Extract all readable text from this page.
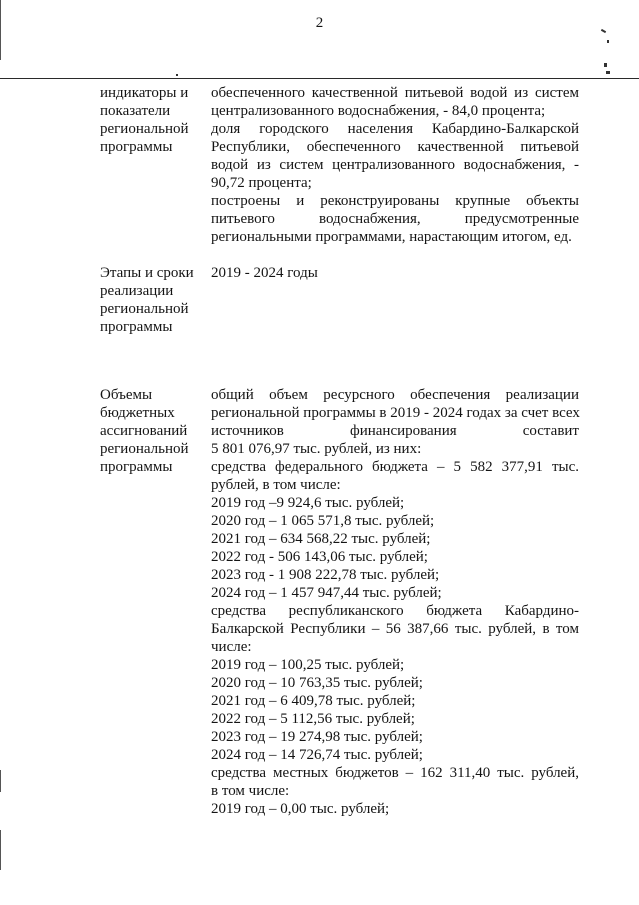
2
индикаторы и
показатели
региональной
программы
обеспеченного качественной питьевой водой из систем
централизованного водоснабжения, - 84,0 процента;
доля городского населения Кабардино-Балкарской
Республики, обеспеченного качественной питьевой
водой из систем централизованного водоснабжения, -
90,72 процента;
построены и реконструированы крупные объекты
питьевого водоснабжения, предусмотренные
региональными программами, нарастающим итогом, ед.
Этапы и сроки
реализации
региональной
программы
2019 - 2024 годы
Объемы
бюджетных
ассигнований
региональной
программы
общий объем ресурсного обеспечения реализации
региональной программы в 2019 - 2024 годах за счет всех
источников финансирования составит
5 801 076,97 тыс. рублей, из них:
средства федерального бюджета – 5 582 377,91 тыс.
рублей, в том числе:
2019 год –9 924,6 тыс. рублей;
2020 год – 1 065 571,8 тыс. рублей;
2021 год – 634 568,22 тыс. рублей;
2022 год - 506 143,06 тыс. рублей;
2023 год - 1 908 222,78 тыс. рублей;
2024 год – 1 457 947,44 тыс. рублей;
средства республиканского бюджета Кабардино-
Балкарской Республики – 56 387,66 тыс. рублей, в том
числе:
2019 год – 100,25 тыс. рублей;
2020 год – 10 763,35 тыс. рублей;
2021 год – 6 409,78 тыс. рублей;
2022 год – 5 112,56 тыс. рублей;
2023 год – 19 274,98 тыс. рублей;
2024 год – 14 726,74 тыс. рублей;
средства местных бюджетов – 162 311,40 тыс. рублей,
в том числе:
2019 год – 0,00 тыс. рублей;
